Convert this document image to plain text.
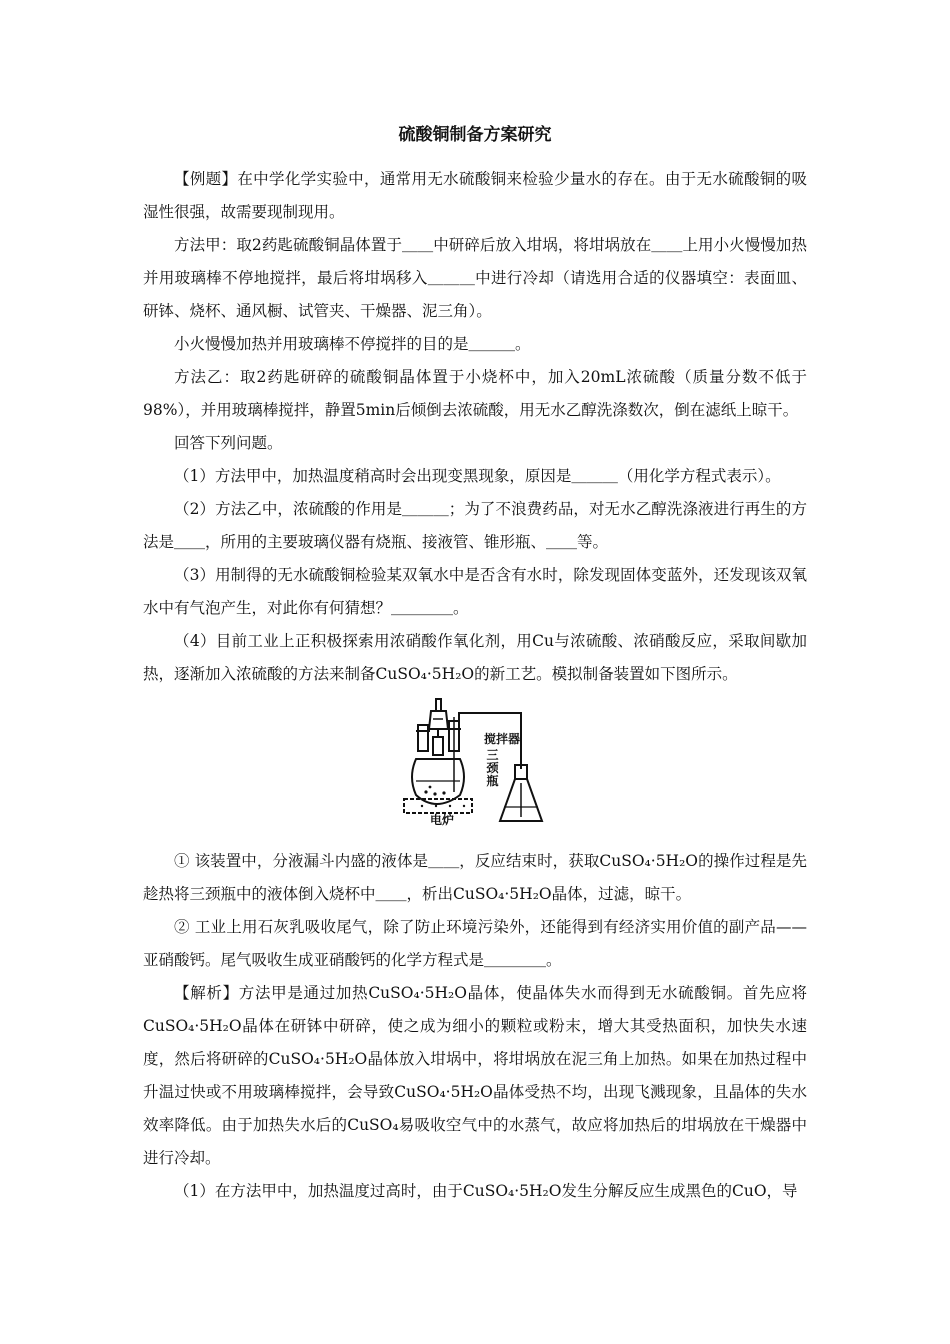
硫酸铜制备方案研究

【例题】在中学化学实验中，通常用无水硫酸铜来检验少量水的存在。由于无水硫酸铜的吸湿性很强，故需要现制现用。

方法甲：取2药匙硫酸铜晶体置于＿＿中研碎后放入坩埚，将坩埚放在＿＿上用小火慢慢加热并用玻璃棒不停地搅拌，最后将坩埚移入＿＿＿中进行冷却（请选用合适的仪器填空：表面皿、研钵、烧杯、通风橱、试管夹、干燥器、泥三角）。

小火慢慢加热并用玻璃棒不停搅拌的目的是＿＿＿。

方法乙：取2药匙研碎的硫酸铜晶体置于小烧杯中，加入20mL浓硫酸（质量分数不低于98%），并用玻璃棒搅拌，静置5min后倾倒去浓硫酸，用无水乙醇洗涤数次，倒在滤纸上晾干。

回答下列问题。

（1）方法甲中，加热温度稍高时会出现变黑现象，原因是＿＿＿（用化学方程式表示）。

（2）方法乙中，浓硫酸的作用是＿＿＿；为了不浪费药品，对无水乙醇洗涤液进行再生的方法是＿＿，所用的主要玻璃仪器有烧瓶、接液管、锥形瓶、＿＿等。

（3）用制得的无水硫酸铜检验某双氧水中是否含有水时，除发现固体变蓝外，还发现该双氧水中有气泡产生，对此你有何猜想？＿＿＿＿。

（4）目前工业上正积极探索用浓硝酸作氧化剂，用Cu与浓硫酸、浓硝酸反应，采取间歇加热，逐渐加入浓硫酸的方法来制备CuSO₄·5H₂O的新工艺。模拟制备装置如下图所示。

搅拌器
三颈瓶
电炉

① 该装置中，分液漏斗内盛的液体是＿＿，反应结束时，获取CuSO₄·5H₂O的操作过程是先趁热将三颈瓶中的液体倒入烧杯中＿＿，析出CuSO₄·5H₂O晶体，过滤，晾干。

② 工业上用石灰乳吸收尾气，除了防止环境污染外，还能得到有经济实用价值的副产品——亚硝酸钙。尾气吸收生成亚硝酸钙的化学方程式是＿＿＿＿。

【解析】方法甲是通过加热CuSO₄·5H₂O晶体，使晶体失水而得到无水硫酸铜。首先应将CuSO₄·5H₂O晶体在研钵中研碎，使之成为细小的颗粒或粉末，增大其受热面积，加快失水速度，然后将研碎的CuSO₄·5H₂O晶体放入坩埚中，将坩埚放在泥三角上加热。如果在加热过程中升温过快或不用玻璃棒搅拌，会导致CuSO₄·5H₂O晶体受热不均，出现飞溅现象，且晶体的失水效率降低。由于加热失水后的CuSO₄易吸收空气中的水蒸气，故应将加热后的坩埚放在干燥器中进行冷却。

（1）在方法甲中，加热温度过高时，由于CuSO₄·5H₂O发生分解反应生成黑色的CuO，导
